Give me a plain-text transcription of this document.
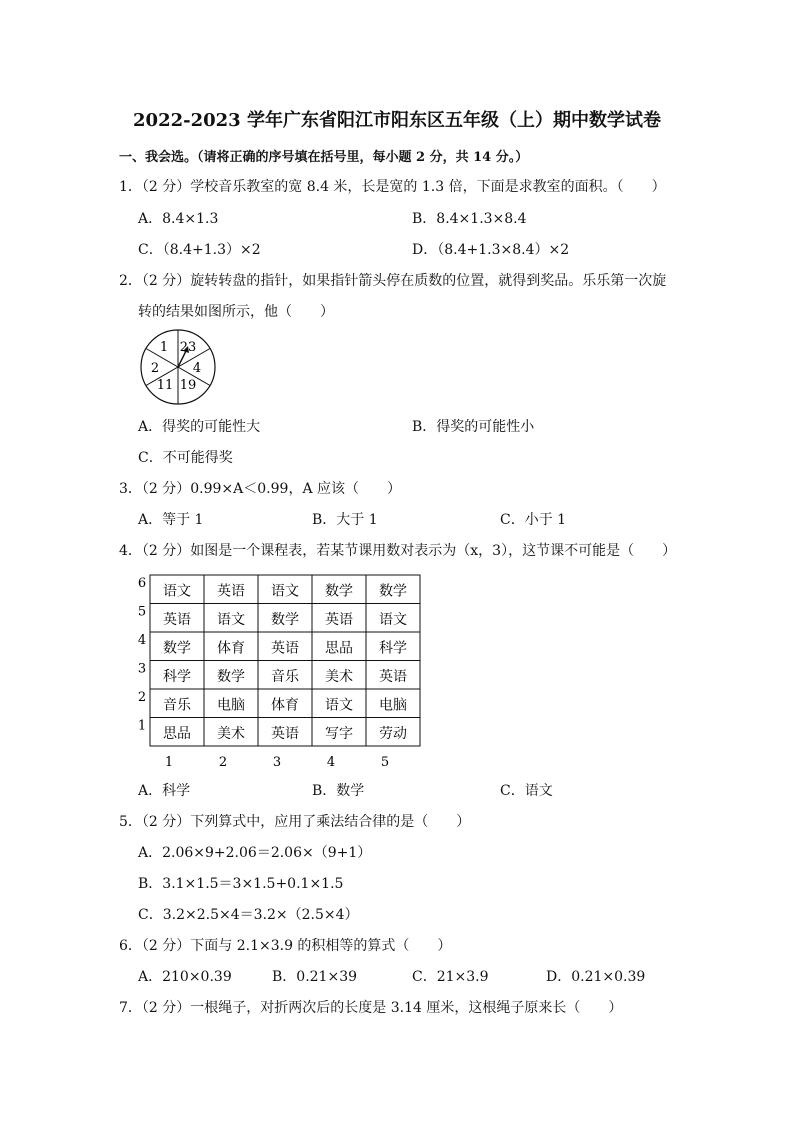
2022-2023 学年广东省阳江市阳东区五年级（上）期中数学试卷
一、我会选。（请将正确的序号填在括号里，每小题 2 分，共 14 分。）
1．（2 分）学校音乐教室的宽 8.4 米，长是宽的 1.3 倍，下面是求教室的面积。（　　）
A．8.4×1.3	B．8.4×1.3×8.4
C．（8.4+1.3）×2	D．（8.4+1.3×8.4）×2
2．（2 分）旋转转盘的指针，如果指针箭头停在质数的位置，就得到奖品。乐乐第一次旋
转的结果如图所示，他（　　）
1 23
4
19
11
2
A．得奖的可能性大	B．得奖的可能性小
C．不可能得奖
3．（2 分）0.99×A＜0.99，A 应该（　　）
A．等于 1	B．大于 1	C．小于 1
4．（2 分）如图是一个课程表，若某节课用数对表示为（x，3），这节课不可能是（　　）
语文 英语 语文 数学 数学
英语 语文 数学 英语 语文
数学 体育 英语 思品 科学
科学 数学 音乐 美术 英语
音乐 电脑 体育 语文 电脑
思品 美术 英语 写字 劳动
6
5
4
3
2
1
1	2	3	4	5
A．科学	B．数学	C．语文
5．（2 分）下列算式中，应用了乘法结合律的是（　　）
A．2.06×9+2.06＝2.06×（9+1）
B．3.1×1.5＝3×1.5+0.1×1.5
C．3.2×2.5×4＝3.2×（2.5×4）
6．（2 分）下面与 2.1×3.9 的积相等的算式（　　）
A．210×0.39	B．0.21×39	C．21×3.9	D．0.21×0.39
7．（2 分）一根绳子，对折两次后的长度是 3.14 厘米，这根绳子原来长（　　）
